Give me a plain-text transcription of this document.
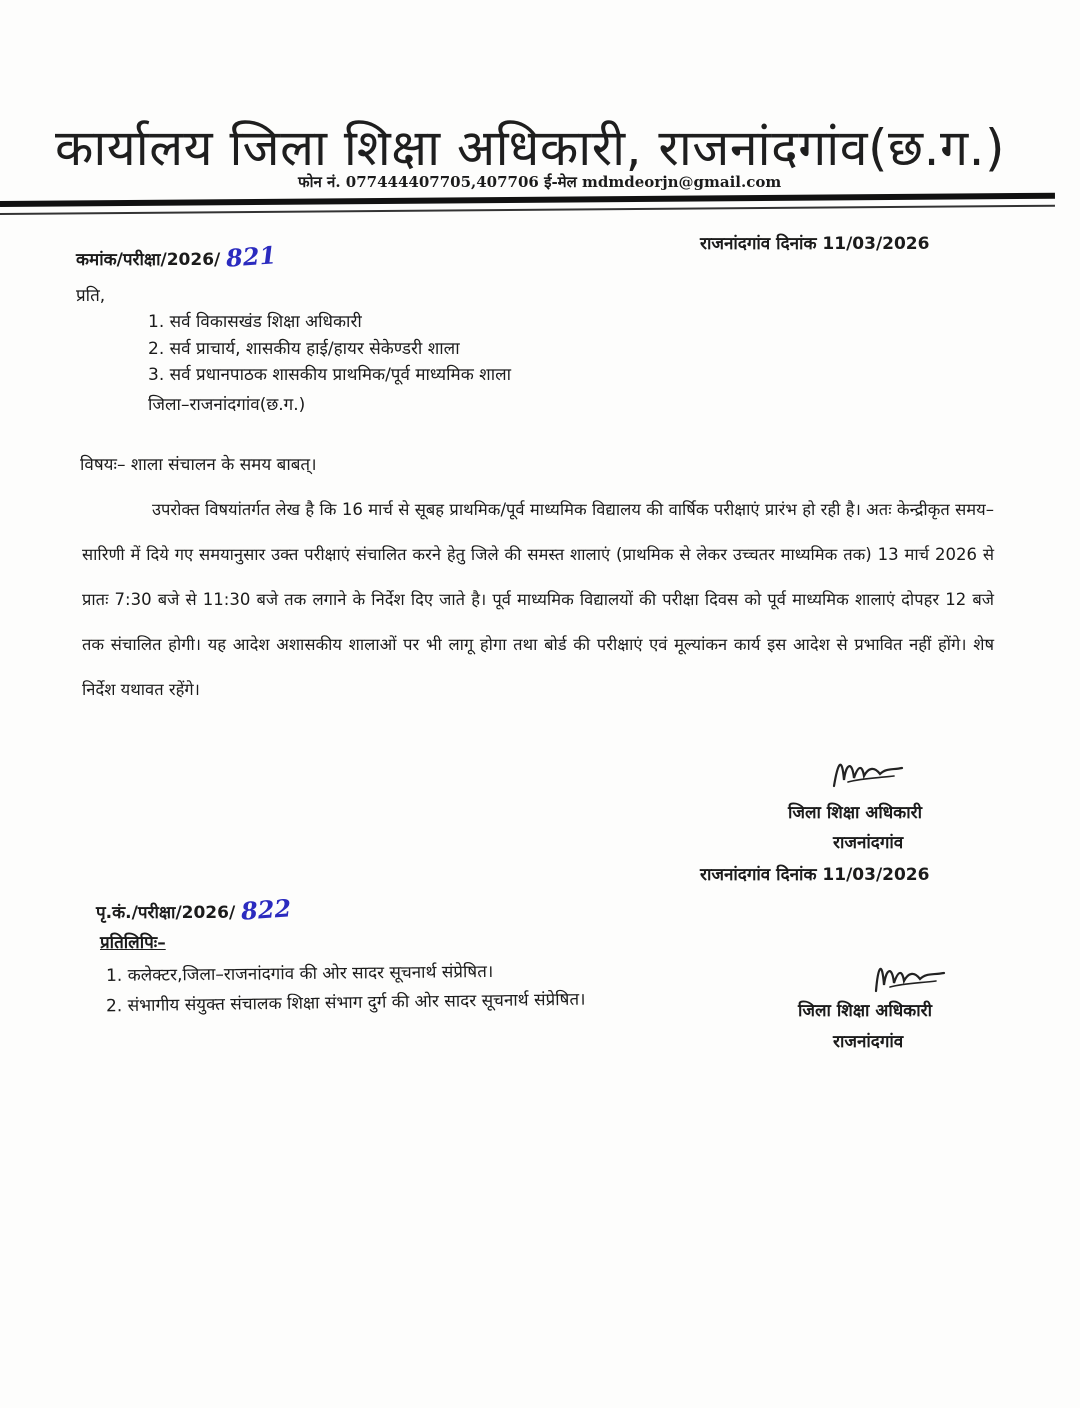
कार्यालय जिला शिक्षा अधिकारी, राजनांदगांव(छ.ग.)
फोन नं. 077444407705,407706 ई-मेल mdmdeorjn@gmail.com
कमांक/परीक्षा/2026/ 821	राजनांदगांव दिनांक 11/03/2026
प्रति,
1. सर्व विकासखंड शिक्षा अधिकारी
2. सर्व प्राचार्य, शासकीय हाई/हायर सेकेण्डरी शाला
3. सर्व प्रधानपाठक शासकीय प्राथमिक/पूर्व माध्यमिक शाला
जिला–राजनांदगांव(छ.ग.)
विषयः– शाला संचालन के समय बाबत्।
उपरोक्त विषयांतर्गत लेख है कि 16 मार्च से सूबह प्राथमिक/पूर्व माध्यमिक विद्यालय की वार्षिक परीक्षाएं प्रारंभ हो रही है। अतः केन्द्रीकृत समय–सारिणी में दिये गए समयानुसार उक्त परीक्षाएं संचालित करने हेतु जिले की समस्त शालाएं (प्राथमिक से लेकर उच्चतर माध्यमिक तक) 13 मार्च 2026 से प्रातः 7:30 बजे से 11:30 बजे तक लगाने के निर्देश दिए जाते है। पूर्व माध्यमिक विद्यालयों की परीक्षा दिवस को पूर्व माध्यमिक शालाएं दोपहर 12 बजे तक संचालित होगी। यह आदेश अशासकीय शालाओं पर भी लागू होगा तथा बोर्ड की परीक्षाएं एवं मूल्यांकन कार्य इस आदेश से प्रभावित नहीं होंगे। शेष निर्देश यथावत रहेंगे।
जिला शिक्षा अधिकारी
राजनांदगांव
राजनांदगांव दिनांक 11/03/2026
पृ.कं./परीक्षा/2026/ 822
प्रतिलिपिः–
1. कलेक्टर,जिला–राजनांदगांव की ओर सादर सूचनार्थ संप्रेषित।
2. संभागीय संयुक्त संचालक शिक्षा संभाग दुर्ग की ओर सादर सूचनार्थ संप्रेषित।	जिला शिक्षा अधिकारी
राजनांदगांव
